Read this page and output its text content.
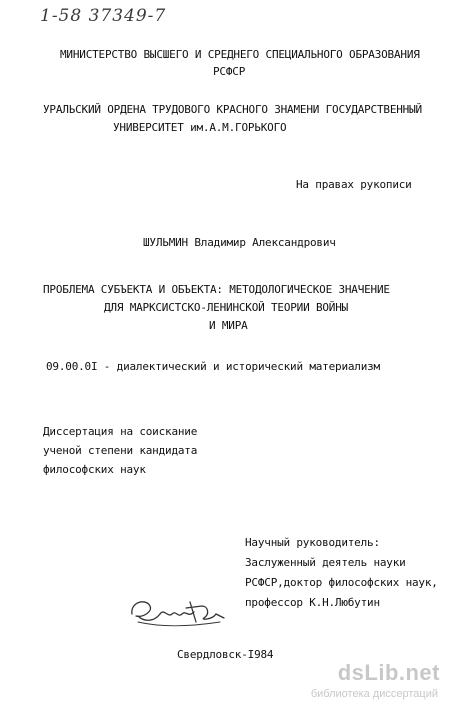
1-58 37349-7
МИНИСТЕРСТВО ВЫСШЕГО И СРЕДНЕГО СПЕЦИАЛЬНОГО ОБРАЗОВАНИЯ
РСФСР
УРАЛЬСКИЙ ОРДЕНА ТРУДОВОГО КРАСНОГО ЗНАМЕНИ ГОСУДАРСТВЕННЫЙ
УНИВЕРСИТЕТ им.А.М.ГОРЬКОГО
На правах рукописи
ШУЛЬМИН Владимир Александрович
ПРОБЛЕМА СУБЪЕКТА И ОБЪЕКТА: МЕТОДОЛОГИЧЕСКОЕ ЗНАЧЕНИЕ
ДЛЯ МАРКСИСТСКО-ЛЕНИНСКОЙ ТЕОРИИ ВОЙНЫ
И МИРА
09.00.0I - диалектический и исторический материализм
Диссертация на соискание
ученой степени кандидата
философских наук
Научный руководитель:
Заслуженный деятель науки
РСФСР,доктор философских наук,
профессор К.Н.Любутин
Свердловск-I984
dsLib.net
библиотека диссертаций
